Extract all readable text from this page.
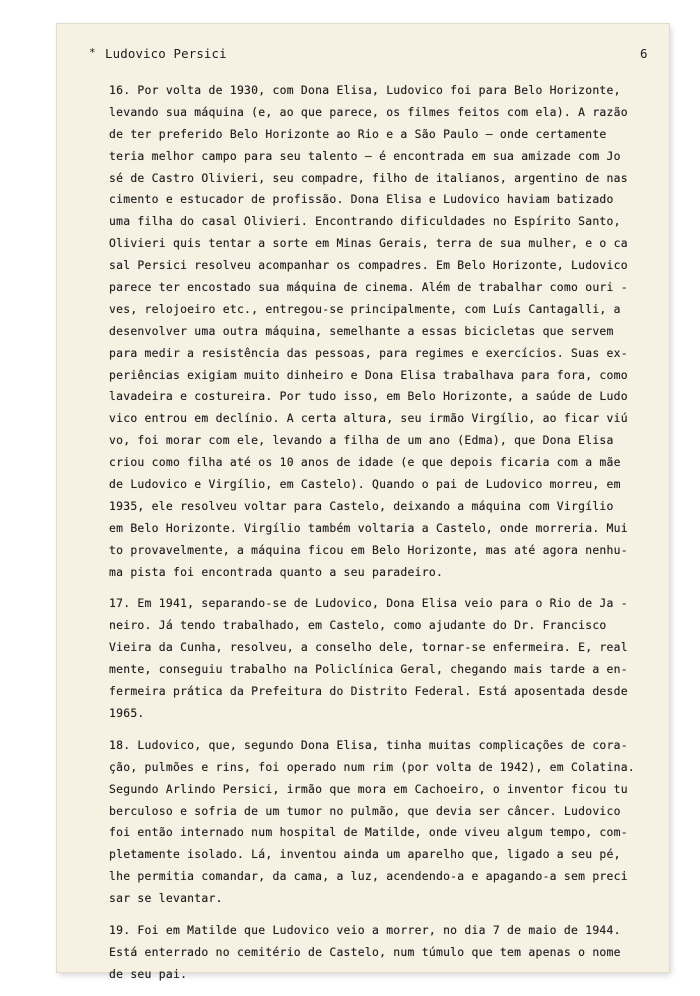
* Ludovico Persici	6
16. Por volta de 1930, com Dona Elisa, Ludovico foi para Belo Horizonte,
levando sua máquina (e, ao que parece, os filmes feitos com ela). A razão
de ter preferido Belo Horizonte ao Rio e a São Paulo — onde certamente
teria melhor campo para seu talento — é encontrada em sua amizade com Jo
sé de Castro Olivieri, seu compadre, filho de italianos, argentino de nas
cimento e estucador de profissão. Dona Elisa e Ludovico haviam batizado
uma filha do casal Olivieri. Encontrando dificuldades no Espírito Santo,
Olivieri quis tentar a sorte em Minas Gerais, terra de sua mulher, e o ca
sal Persici resolveu acompanhar os compadres. Em Belo Horizonte, Ludovico
parece ter encostado sua máquina de cinema. Além de trabalhar como ouri -
ves, relojoeiro etc., entregou-se principalmente, com Luís Cantagalli, a
desenvolver uma outra máquina, semelhante a essas bicicletas que servem
para medir a resistência das pessoas, para regimes e exercícios. Suas ex-
periências exigiam muito dinheiro e Dona Elisa trabalhava para fora, como
lavadeira e costureira. Por tudo isso, em Belo Horizonte, a saúde de Ludo
vico entrou em declínio. A certa altura, seu irmão Virgílio, ao ficar viú
vo, foi morar com ele, levando a filha de um ano (Edma), que Dona Elisa
criou como filha até os 10 anos de idade (e que depois ficaria com a mãe
de Ludovico e Virgílio, em Castelo). Quando o pai de Ludovico morreu, em
1935, ele resolveu voltar para Castelo, deixando a máquina com Virgílio
em Belo Horizonte. Virgílio também voltaria a Castelo, onde morreria. Mui
to provavelmente, a máquina ficou em Belo Horizonte, mas até agora nenhu-
ma pista foi encontrada quanto a seu paradeiro.
17. Em 1941, separando-se de Ludovico, Dona Elisa veio para o Rio de Ja -
neiro. Já tendo trabalhado, em Castelo, como ajudante do Dr. Francisco
Vieira da Cunha, resolveu, a conselho dele, tornar-se enfermeira. E, real
mente, conseguiu trabalho na Policlínica Geral, chegando mais tarde a en-
fermeira prática da Prefeitura do Distrito Federal. Está aposentada desde
1965.
18. Ludovico, que, segundo Dona Elisa, tinha muitas complicações de cora-
ção, pulmões e rins, foi operado num rim (por volta de 1942), em Colatina.
Segundo Arlindo Persici, irmão que mora em Cachoeiro, o inventor ficou tu
berculoso e sofria de um tumor no pulmão, que devia ser câncer. Ludovico
foi então internado num hospital de Matilde, onde viveu algum tempo, com-
pletamente isolado. Lá, inventou ainda um aparelho que, ligado a seu pé,
lhe permitia comandar, da cama, a luz, acendendo-a e apagando-a sem preci
sar se levantar.
19. Foi em Matilde que Ludovico veio a morrer, no dia 7 de maio de 1944.
Está enterrado no cemitério de Castelo, num túmulo que tem apenas o nome
de seu pai.
